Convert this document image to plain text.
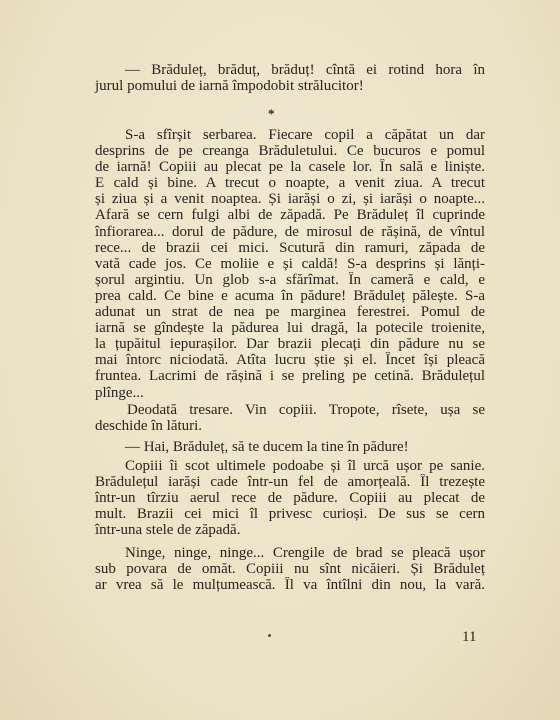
— Brăduleț, brăduț, brăduț! cîntă ei rotind hora în
jurul pomului de iarnă împodobit strălucitor!
*
S-a sfîrșit serbarea. Fiecare copil a căpătat un dar
desprins de pe creanga Brăduletului. Ce bucuros e pomul
de iarnă! Copiii au plecat pe la casele lor. În sală e liniște.
E cald și bine. A trecut o noapte, a venit ziua. A trecut
și ziua și a venit noaptea. Și iarăși o zi, și iarăși o noapte...
Afară se cern fulgi albi de zăpadă. Pe Brăduleț îl cuprinde
înfiorarea... dorul de pădure, de mirosul de rășină, de vîntul
rece... de brazii cei mici. Scutură din ramuri, zăpada de
vată cade jos. Ce moliie e și caldă! S-a desprins și lănți-
șorul argintiu. Un glob s-a sfărîmat. În cameră e cald, e
prea cald. Ce bine e acuma în pădure! Brăduleț pălește. S-a
adunat un strat de nea pe marginea ferestrei. Pomul de
iarnă se gîndește la pădurea lui dragă, la potecile troienite,
la țupăitul iepurașilor. Dar brazii plecați din pădure nu se
mai întorc niciodată. Atîta lucru știe și el. Încet își pleacă
fruntea. Lacrimi de rășină i se preling pe cetină. Brădulețul
plînge...
Deodată tresare. Vin copiii. Tropote, rîsete, ușa se
deschide în lături.
— Hai, Brăduleț, să te ducem la tine în pădure!
Copiii îi scot ultimele podoabe și îl urcă ușor pe sanie.
Brădulețul iarăși cade într-un fel de amorțeală. Îl trezește
într-un tîrziu aerul rece de pădure. Copiii au plecat de
mult. Brazii cei mici îl privesc curioși. De sus se cern
într-una stele de zăpadă.
Ninge, ninge, ninge... Crengile de brad se pleacă ușor
sub povara de omăt. Copiii nu sînt nicăieri. Și Brăduleț
ar vrea să le mulțumească. Îl va întîlni din nou, la vară.
11
